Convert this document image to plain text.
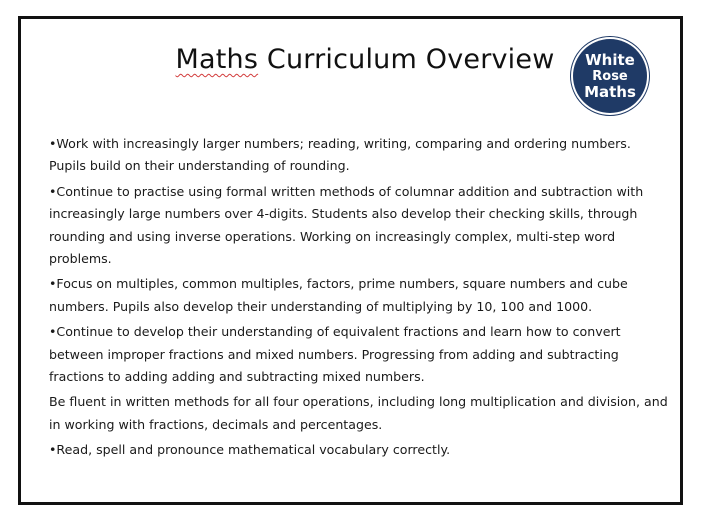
Maths Curriculum Overview	White
Rose
Maths

•Work with increasingly larger numbers; reading, writing, comparing and ordering numbers. Pupils build on their understanding of rounding.

•Continue to practise using formal written methods of columnar addition and subtraction with increasingly large numbers over 4-digits. Students also develop their checking skills, through rounding and using inverse operations. Working on increasingly complex, multi-step word problems.

•Focus on multiples, common multiples, factors, prime numbers, square numbers and cube numbers. Pupils also develop their understanding of multiplying by 10, 100 and 1000.

•Continue to develop their understanding of equivalent fractions and learn how to convert between improper fractions and mixed numbers. Progressing from adding and subtracting fractions to adding adding and subtracting mixed numbers.

Be fluent in written methods for all four operations, including long multiplication and division, and in working with fractions, decimals and percentages.

•Read, spell and pronounce mathematical vocabulary correctly.
